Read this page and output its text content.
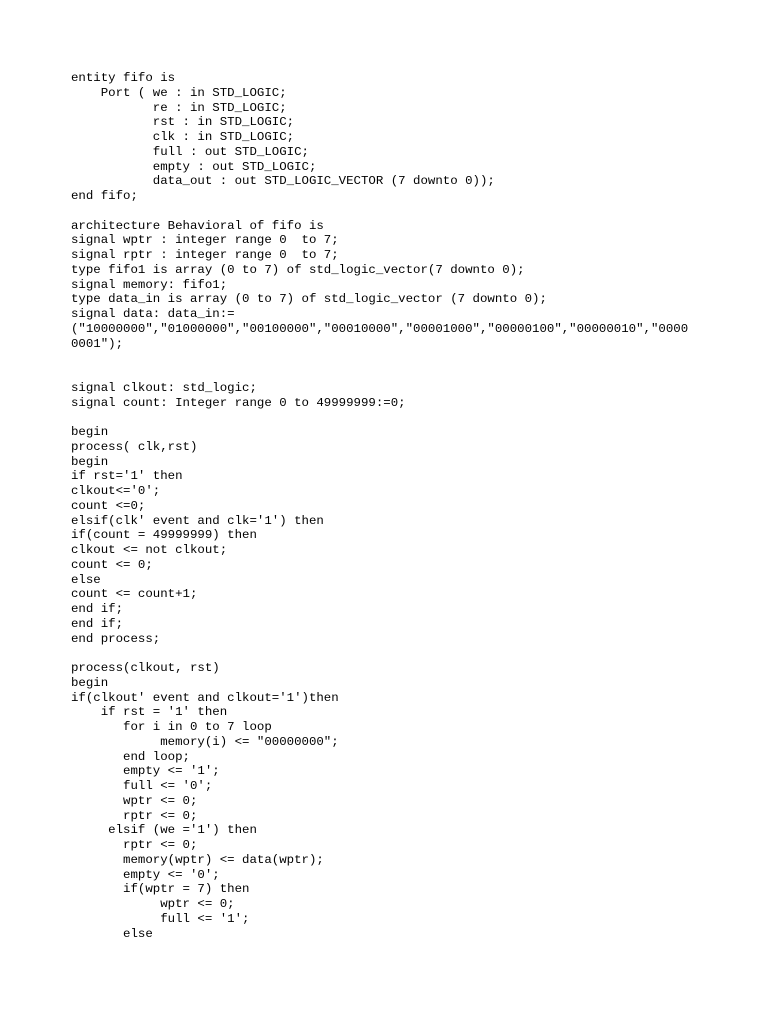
entity fifo is
Port ( we : in STD_LOGIC;
re : in STD_LOGIC;
rst : in STD_LOGIC;
clk : in STD_LOGIC;
full : out STD_LOGIC;
empty : out STD_LOGIC;
data_out : out STD_LOGIC_VECTOR (7 downto 0));
end fifo;
architecture Behavioral of fifo is
signal wptr : integer range 0  to 7;
signal rptr : integer range 0  to 7;
type fifo1 is array (0 to 7) of std_logic_vector(7 downto 0);
signal memory: fifo1;
type data_in is array (0 to 7) of std_logic_vector (7 downto 0);
signal data: data_in:=
("10000000","01000000","00100000","00010000","00001000","00000100","00000010","0000
0001");
signal clkout: std_logic;
signal count: Integer range 0 to 49999999:=0;
begin
process( clk,rst)
begin
if rst='1' then
clkout<='0';
count <=0;
elsif(clk' event and clk='1') then
if(count = 49999999) then
clkout <= not clkout;
count <= 0;
else
count <= count+1;
end if;
end if;
end process;
process(clkout, rst)
begin
if(clkout' event and clkout='1')then
if rst = '1' then
for i in 0 to 7 loop
memory(i) <= "00000000";
end loop;
empty <= '1';
full <= '0';
wptr <= 0;
rptr <= 0;
elsif (we ='1') then
rptr <= 0;
memory(wptr) <= data(wptr);
empty <= '0';
if(wptr = 7) then
wptr <= 0;
full <= '1';
else
